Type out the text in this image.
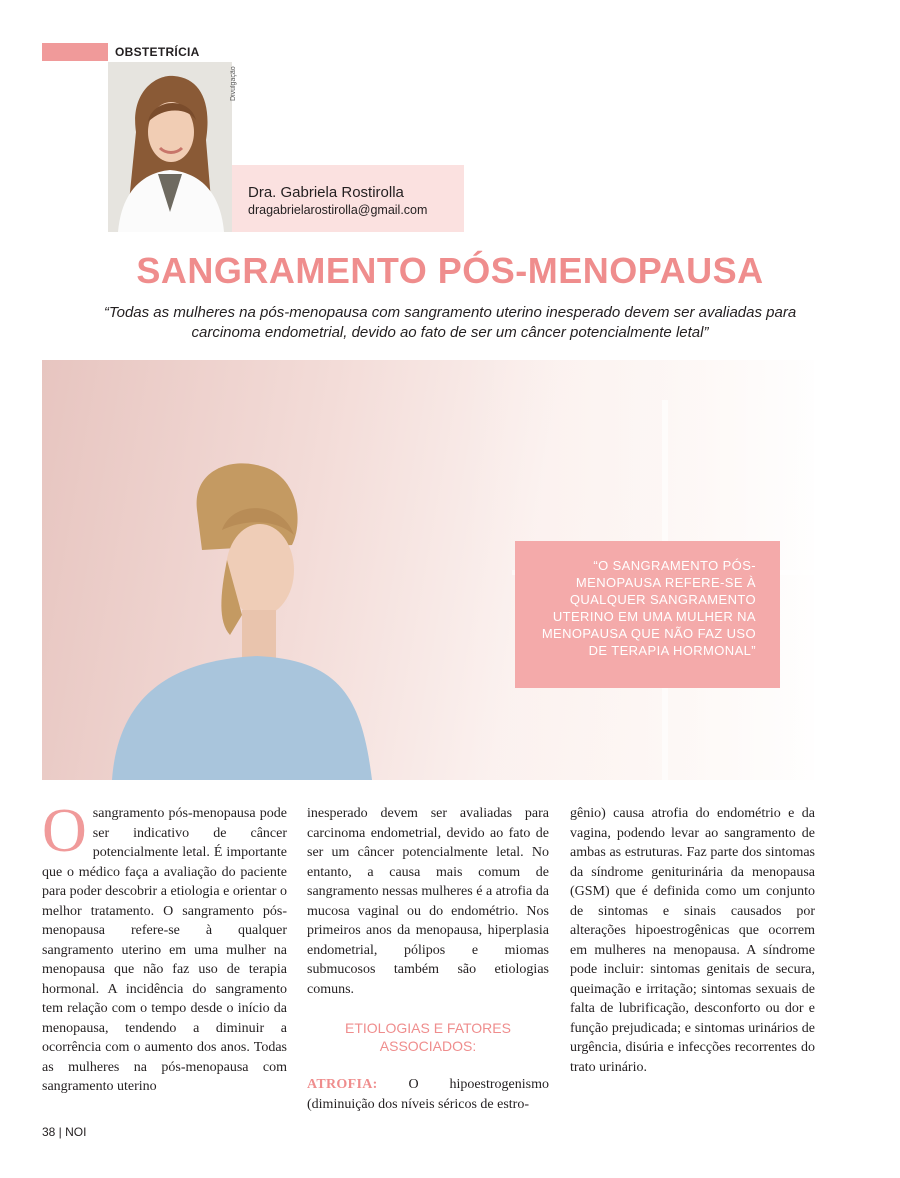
OBSTETRÍCIA
Divulgação
Dra. Gabriela Rostirolla
dragabrielarostirolla@gmail.com
SANGRAMENTO PÓS-MENOPAUSA
“Todas as mulheres na pós-menopausa com sangramento uterino inesperado devem ser avaliadas para carcinoma endometrial, devido ao fato de ser um câncer potencialmente letal”
“O SANGRAMENTO PÓS-MENOPAUSA REFERE-SE À QUALQUER SANGRAMENTO UTERINO EM UMA MULHER NA MENOPAUSA QUE NÃO FAZ USO DE TERAPIA HORMONAL”
O sangramento pós-menopausa pode ser indicativo de câncer potencialmente letal. É importante que o médico faça a avaliação do paciente para poder descobrir a etiologia e orientar o melhor tratamento. O sangramento pós-menopausa refere-se à qualquer sangramento uterino em uma mulher na menopausa que não faz uso de terapia hormonal. A incidência do sangramento tem relação com o tempo desde o início da menopausa, tendendo a diminuir a ocorrência com o aumento dos anos. Todas as mulheres na pós-menopausa com sangramento uterino

inesperado devem ser avaliadas para carcinoma endometrial, devido ao fato de ser um câncer potencialmente letal. No entanto, a causa mais comum de sangramento nessas mulheres é a atrofia da mucosa vaginal ou do endométrio. Nos primeiros anos da menopausa, hiperplasia endometrial, pólipos e miomas submucosos também são etiologias comuns.

ETIOLOGIAS E FATORES ASSOCIADOS:

ATROFIA: O hipoestrogenismo (diminuição dos níveis séricos de estro-

gênio) causa atrofia do endométrio e da vagina, podendo levar ao sangramento de ambas as estruturas. Faz parte dos sintomas da síndrome geniturinária da menopausa (GSM) que é definida como um conjunto de sintomas e sinais causados por alterações hipoestrogênicas que ocorrem em mulheres na menopausa. A síndrome pode incluir: sintomas genitais de secura, queimação e irritação; sintomas sexuais de falta de lubrificação, desconforto ou dor e função prejudicada; e sintomas urinários de urgência, disúria e infecções recorrentes do trato urinário.

38 | NOI
